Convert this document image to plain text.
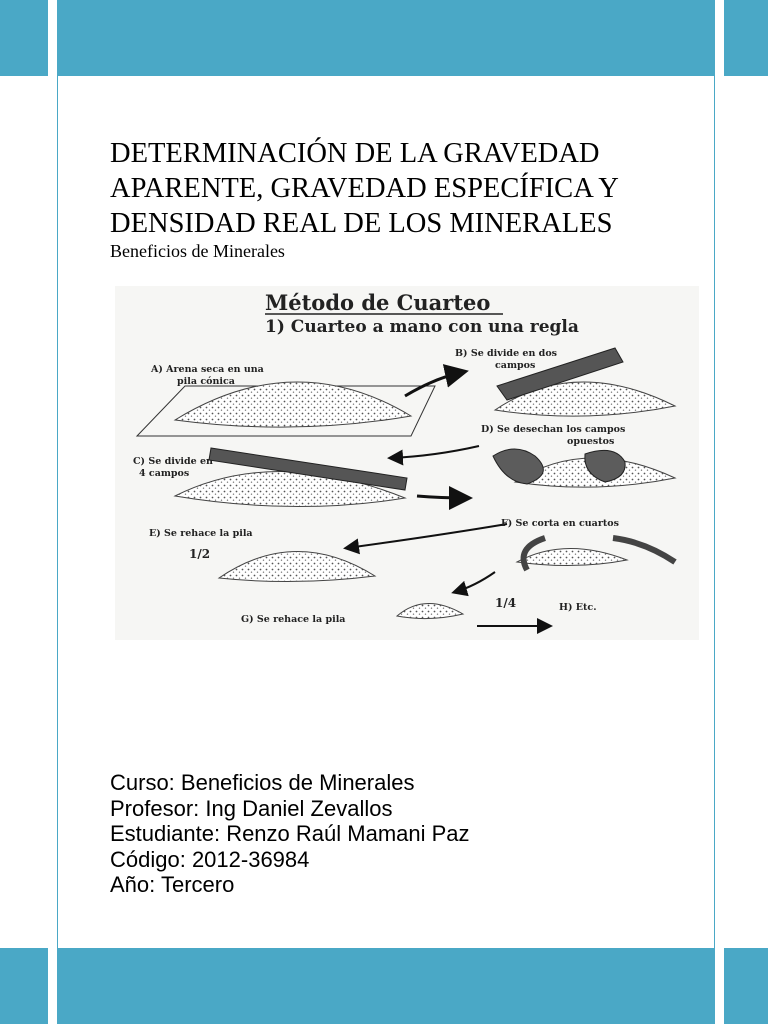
DETERMINACIÓN DE LA GRAVEDAD
APARENTE, GRAVEDAD ESPECÍFICA Y
DENSIDAD REAL DE LOS MINERALES
Beneficios de Minerales
Método de Cuarteo
1) Cuarteo a mano con una regla
A) Arena seca en una
pila cónica
B) Se divide en dos
campos
D) Se desechan los campos
opuestos
C) Se divide en
4 campos
E) Se rehace la pila
1/2
F) Se corta en cuartos
1/4
G) Se rehace la pila
H) Etc.
Curso: Beneficios de Minerales
Profesor: Ing Daniel Zevallos
Estudiante: Renzo Raúl Mamani Paz
Código: 2012-36984
Año: Tercero
